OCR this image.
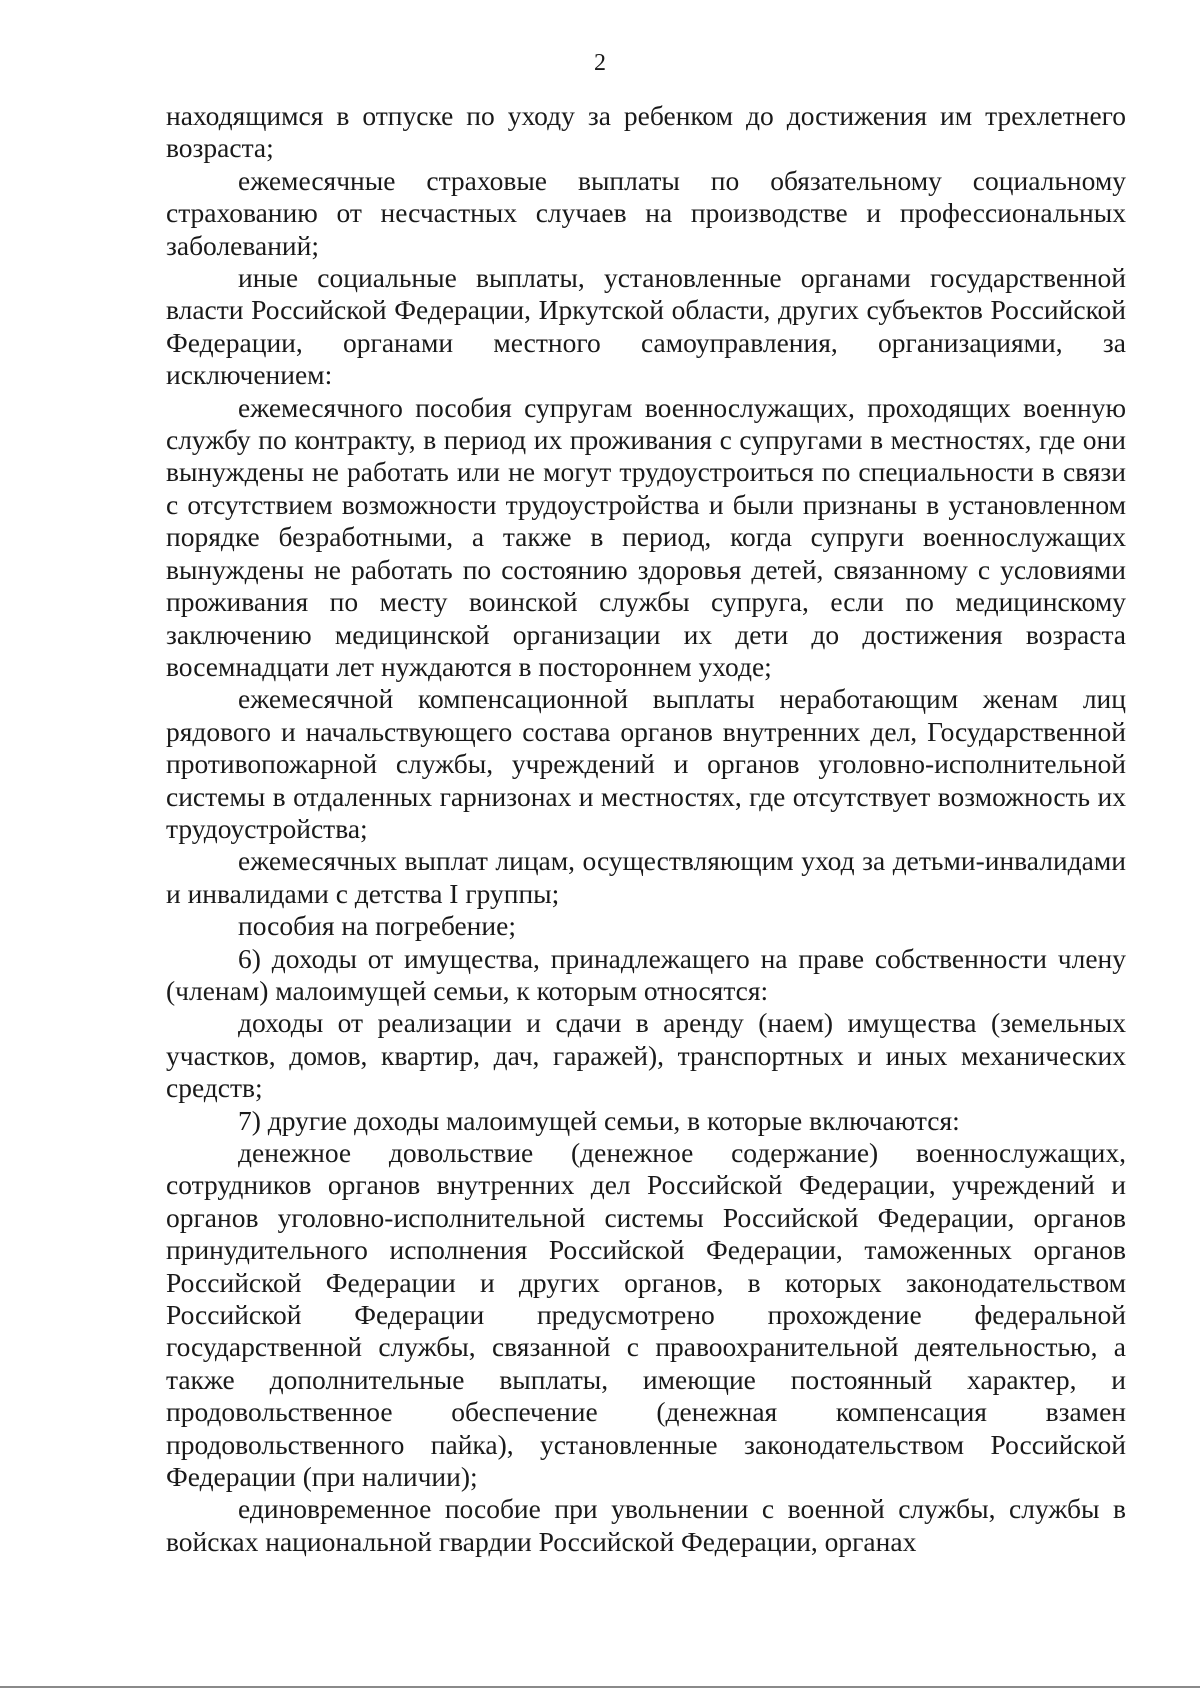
2

находящимся в отпуске по уходу за ребенком до достижения им трехлетнего возраста;

ежемесячные страховые выплаты по обязательному социальному страхованию от несчастных случаев на производстве и профессиональных заболеваний;

иные социальные выплаты, установленные органами государственной власти Российской Федерации, Иркутской области, других субъектов Российской Федерации, органами местного самоуправления, организациями, за исключением:

ежемесячного пособия супругам военнослужащих, проходящих военную службу по контракту, в период их проживания с супругами в местностях, где они вынуждены не работать или не могут трудоустроиться по специальности в связи с отсутствием возможности трудоустройства и были признаны в установленном порядке безработными, а также в период, когда супруги военнослужащих вынуждены не работать по состоянию здоровья детей, связанному с условиями проживания по месту воинской службы супруга, если по медицинскому заключению медицинской организации их дети до достижения возраста восемнадцати лет нуждаются в постороннем уходе;

ежемесячной компенсационной выплаты неработающим женам лиц рядового и начальствующего состава органов внутренних дел, Государственной противопожарной службы, учреждений и органов уголовно-исполнительной системы в отдаленных гарнизонах и местностях, где отсутствует возможность их трудоустройства;

ежемесячных выплат лицам, осуществляющим уход за детьми-инвалидами и инвалидами с детства I группы;

пособия на погребение;

6) доходы от имущества, принадлежащего на праве собственности члену (членам) малоимущей семьи, к которым относятся:

доходы от реализации и сдачи в аренду (наем) имущества (земельных участков, домов, квартир, дач, гаражей), транспортных и иных механических средств;

7) другие доходы малоимущей семьи, в которые включаются:

денежное довольствие (денежное содержание) военнослужащих, сотрудников органов внутренних дел Российской Федерации, учреждений и органов уголовно-исполнительной системы Российской Федерации, органов принудительного исполнения Российской Федерации, таможенных органов Российской Федерации и других органов, в которых законодательством Российской Федерации предусмотрено прохождение федеральной государственной службы, связанной с правоохранительной деятельностью, а также дополнительные выплаты, имеющие постоянный характер, и продовольственное обеспечение (денежная компенсация взамен продовольственного пайка), установленные законодательством Российской Федерации (при наличии);

единовременное пособие при увольнении с военной службы, службы в войсках национальной гвардии Российской Федерации, органах
